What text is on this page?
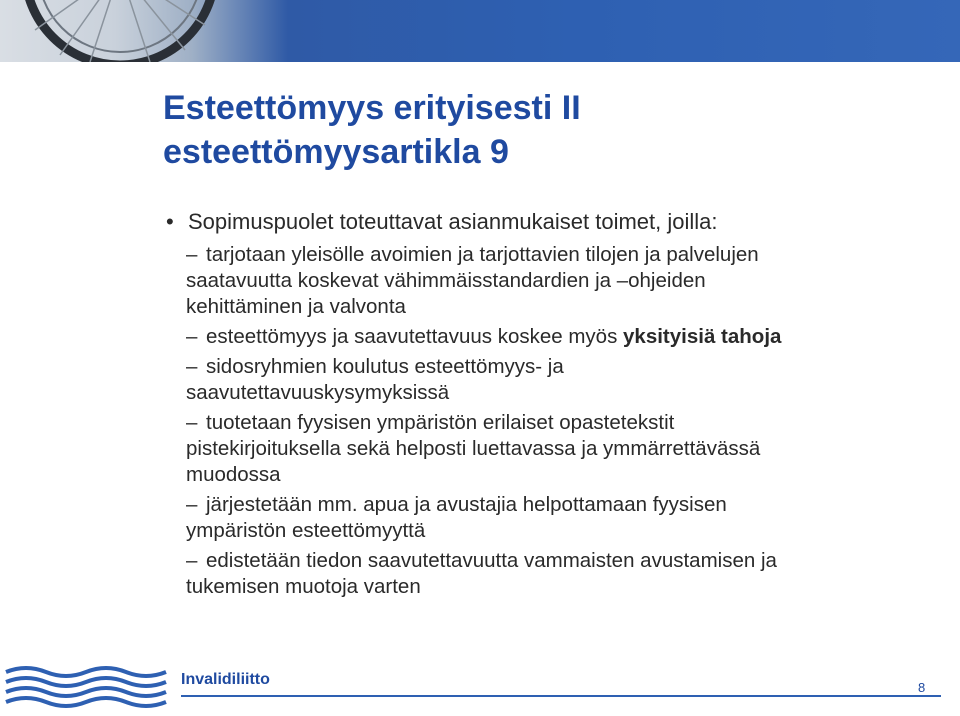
Esteettömyys erityisesti II
esteettömyysartikla 9
• Sopimuspuolet toteuttavat asianmukaiset toimet, joilla:
– tarjotaan yleisölle avoimien ja tarjottavien tilojen ja palvelujen
saatavuutta koskevat vähimmäisstandardien ja –ohjeiden
kehittäminen ja valvonta
– esteettömyys ja saavutettavuus koskee myös yksityisiä tahoja
– sidosryhmien koulutus esteettömyys- ja
saavutettavuuskysymyksissä
– tuotetaan fyysisen ympäristön erilaiset opastetekstit
pistekirjoituksella sekä helposti luettavassa ja ymmärrettävässä
muodossa
– järjestetään mm. apua ja avustajia helpottamaan fyysisen
ympäristön esteettömyyttä
– edistetään tiedon saavutettavuutta vammaisten avustamisen ja
tukemisen muotoja varten
Invalidiliitto	8
